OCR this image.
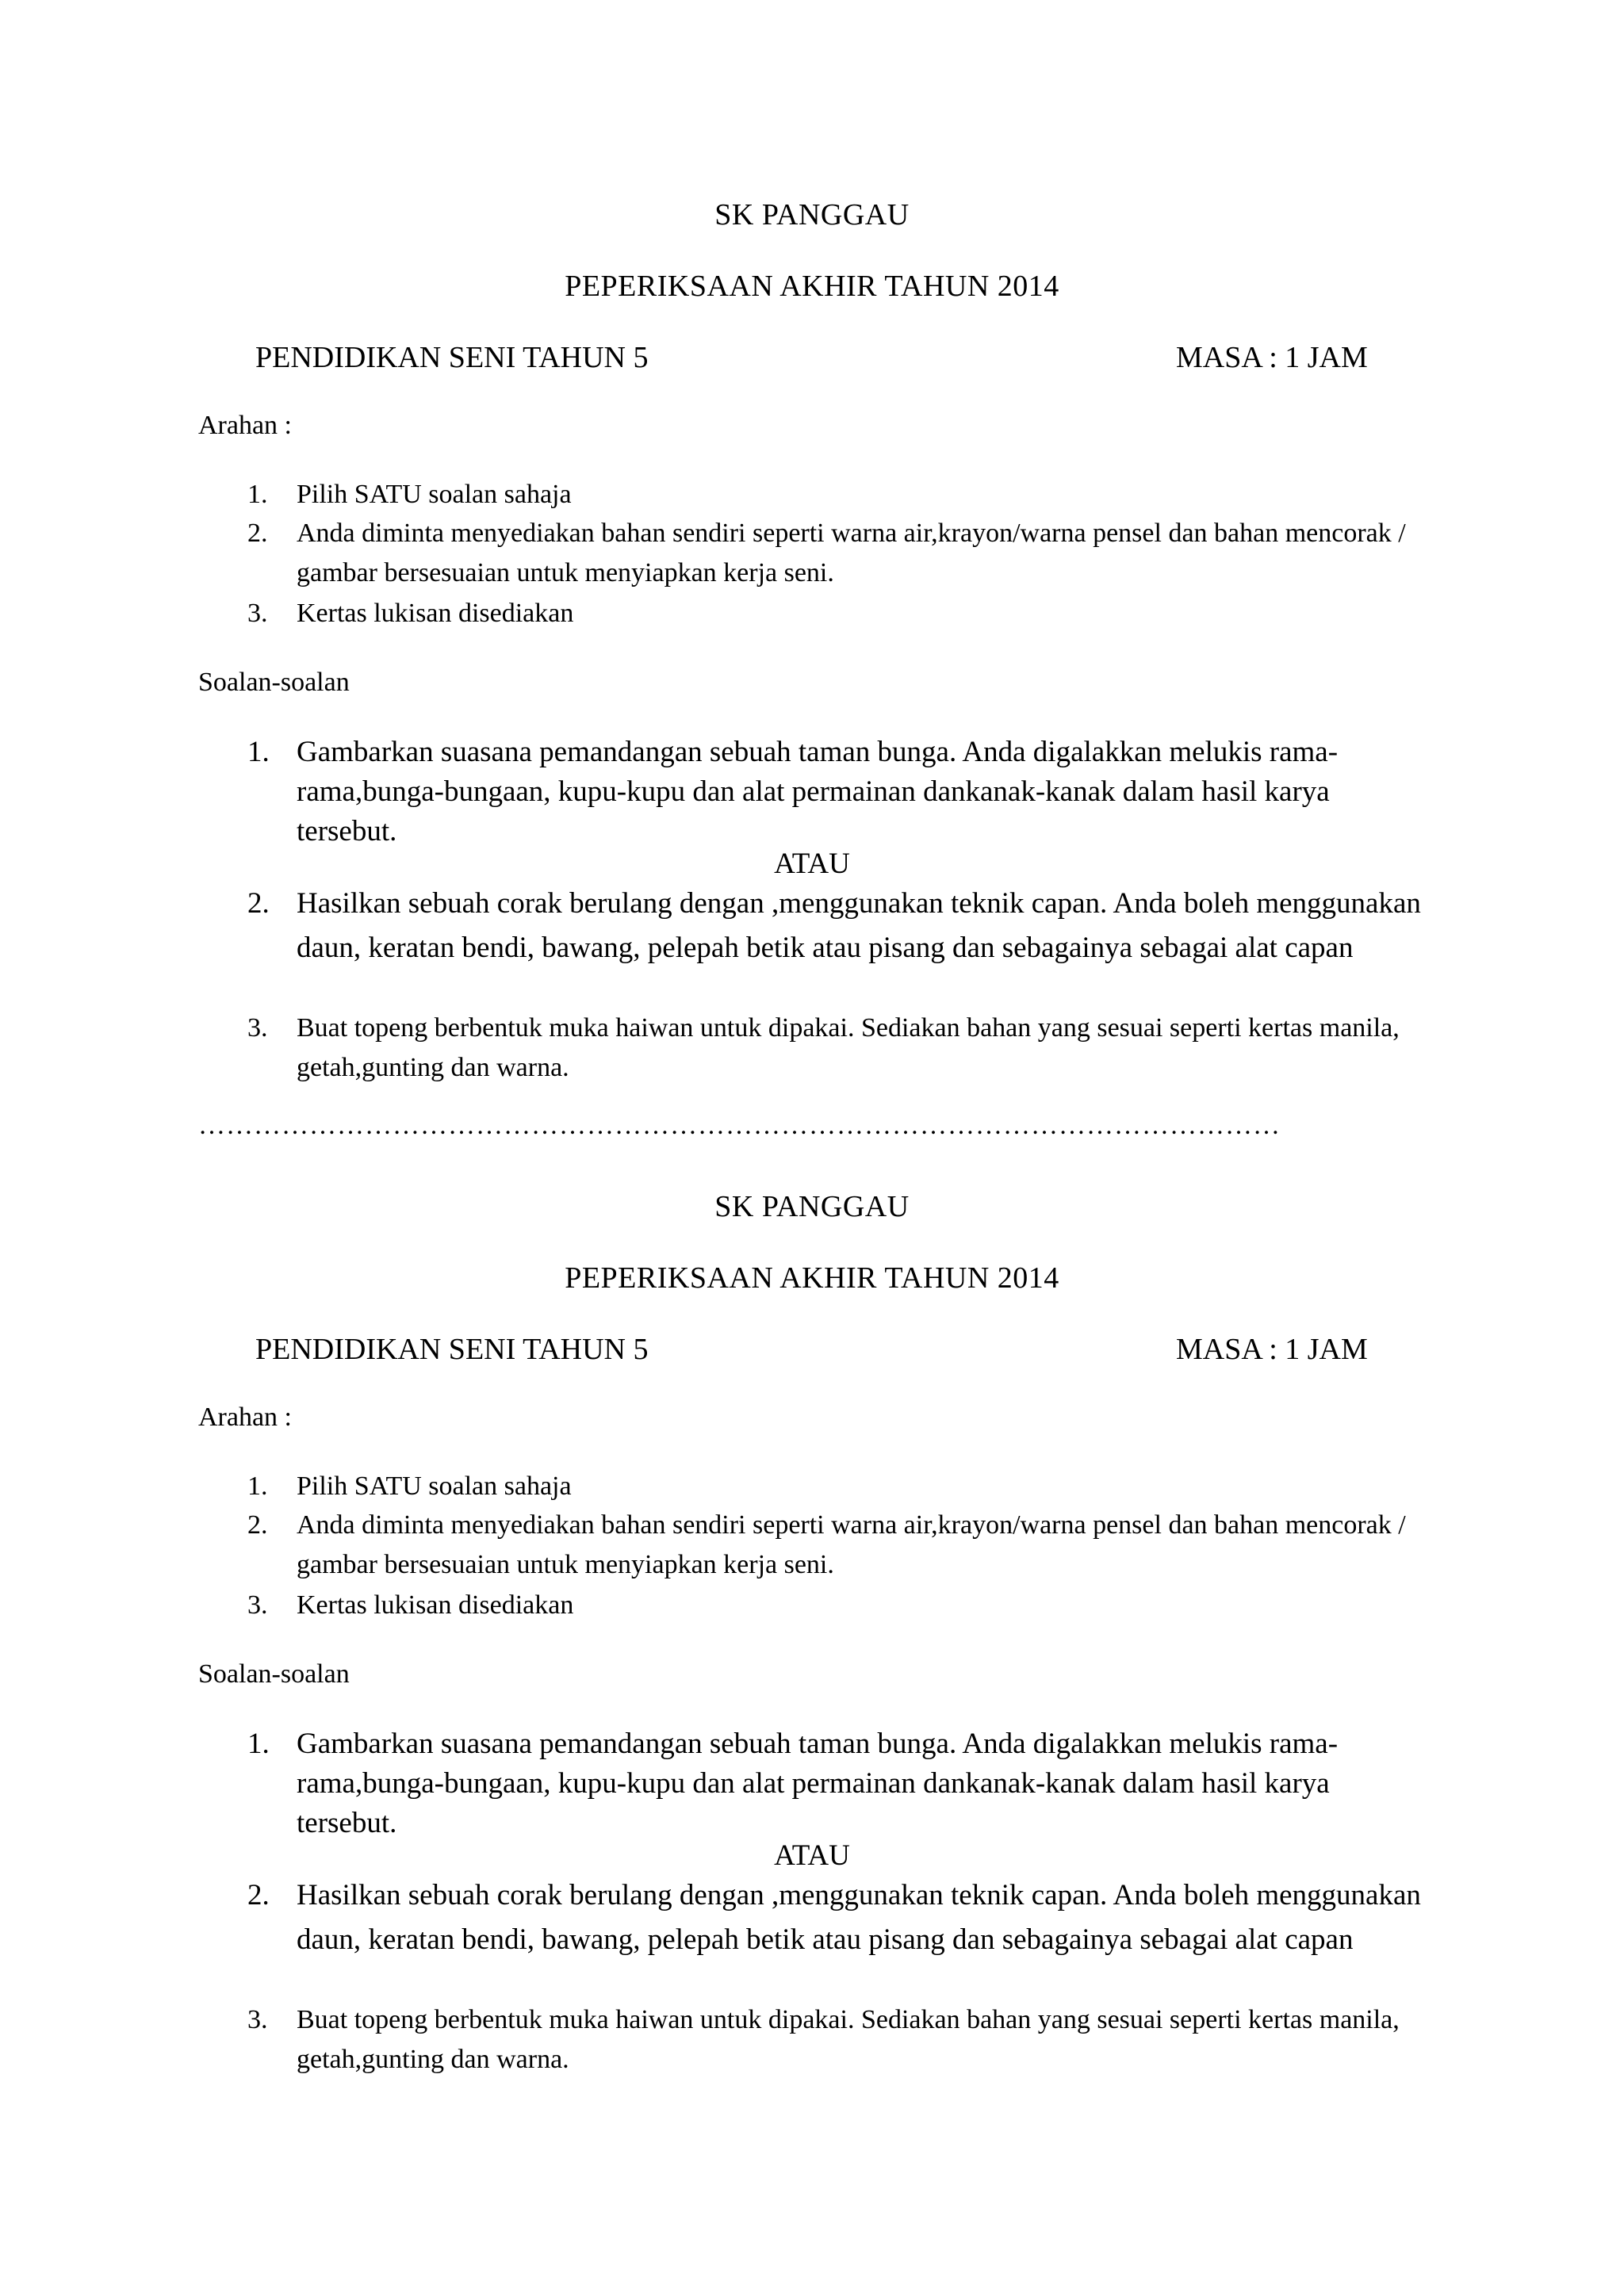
SK PANGGAU
PEPERIKSAAN AKHIR TAHUN 2014
PENDIDIKAN SENI TAHUN 5	MASA : 1 JAM
Arahan :
1. Pilih SATU soalan sahaja
2. Anda diminta menyediakan bahan sendiri seperti warna air,krayon/warna pensel dan bahan mencorak / gambar bersesuaian untuk menyiapkan kerja seni.
3. Kertas lukisan disediakan
Soalan-soalan
1. Gambarkan suasana pemandangan sebuah taman bunga. Anda digalakkan melukis rama-rama,bunga-bungaan, kupu-kupu dan alat permainan dankanak-kanak dalam hasil karya tersebut.
ATAU
2. Hasilkan sebuah corak berulang dengan ,menggunakan teknik capan. Anda boleh menggunakan daun, keratan bendi, bawang, pelepah betik atau pisang dan sebagainya sebagai alat capan
3. Buat topeng berbentuk muka haiwan untuk dipakai. Sediakan bahan yang sesuai seperti kertas manila, getah,gunting dan warna.
………………………………………………………………………………………………………
SK PANGGAU
PEPERIKSAAN AKHIR TAHUN 2014
PENDIDIKAN SENI TAHUN 5	MASA : 1 JAM
Arahan :
1. Pilih SATU soalan sahaja
2. Anda diminta menyediakan bahan sendiri seperti warna air,krayon/warna pensel dan bahan mencorak / gambar bersesuaian untuk menyiapkan kerja seni.
3. Kertas lukisan disediakan
Soalan-soalan
1. Gambarkan suasana pemandangan sebuah taman bunga. Anda digalakkan melukis rama-rama,bunga-bungaan, kupu-kupu dan alat permainan dankanak-kanak dalam hasil karya tersebut.
ATAU
2. Hasilkan sebuah corak berulang dengan ,menggunakan teknik capan. Anda boleh menggunakan daun, keratan bendi, bawang, pelepah betik atau pisang dan sebagainya sebagai alat capan
3. Buat topeng berbentuk muka haiwan untuk dipakai. Sediakan bahan yang sesuai seperti kertas manila, getah,gunting dan warna.
